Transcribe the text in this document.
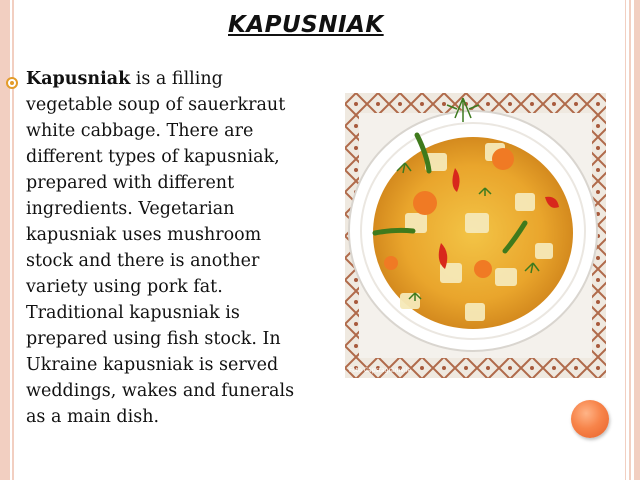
KAPUSNIAK
Kapusniak is a filling
vegetable soup of sauerkraut
white cabbage. There are
different types of kapusniak,
prepared with different
ingredients. Vegetarian
kapusniak uses mushroom
stock and there is another
variety using pork fat.
Traditional kapusniak is
prepared using fish stock. In
Ukraine kapusniak is served
weddings, wakes and funerals
as a main dish.
Foto Capstagramvile
